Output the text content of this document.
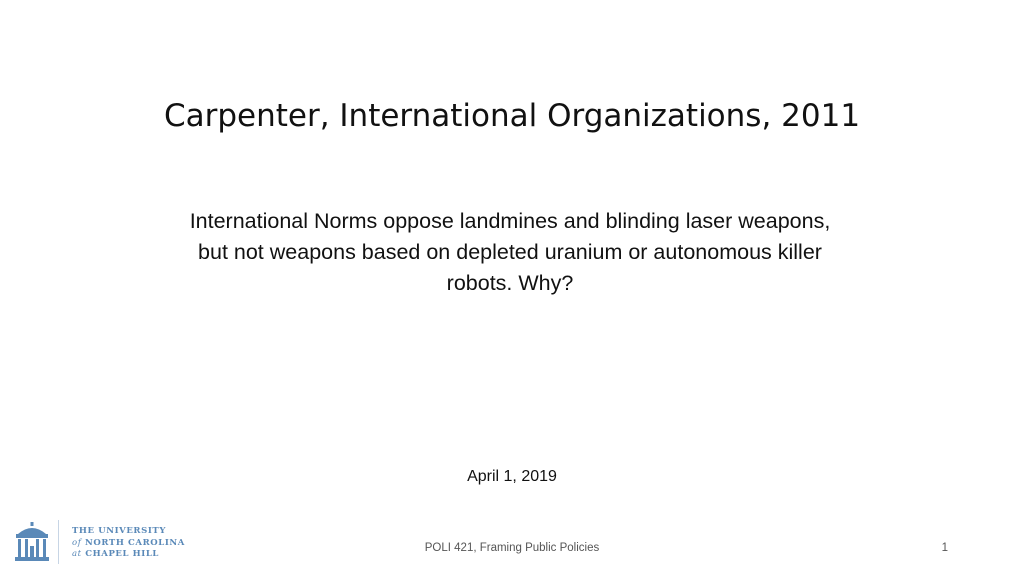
Carpenter, International Organizations, 2011
International Norms oppose landmines and blinding laser weapons,
but not weapons based on depleted uranium or autonomous killer
robots. Why?
April 1, 2019
THE UNIVERSITY
of NORTH CAROLINA
at CHAPEL HILL	POLI 421, Framing Public Policies	1
